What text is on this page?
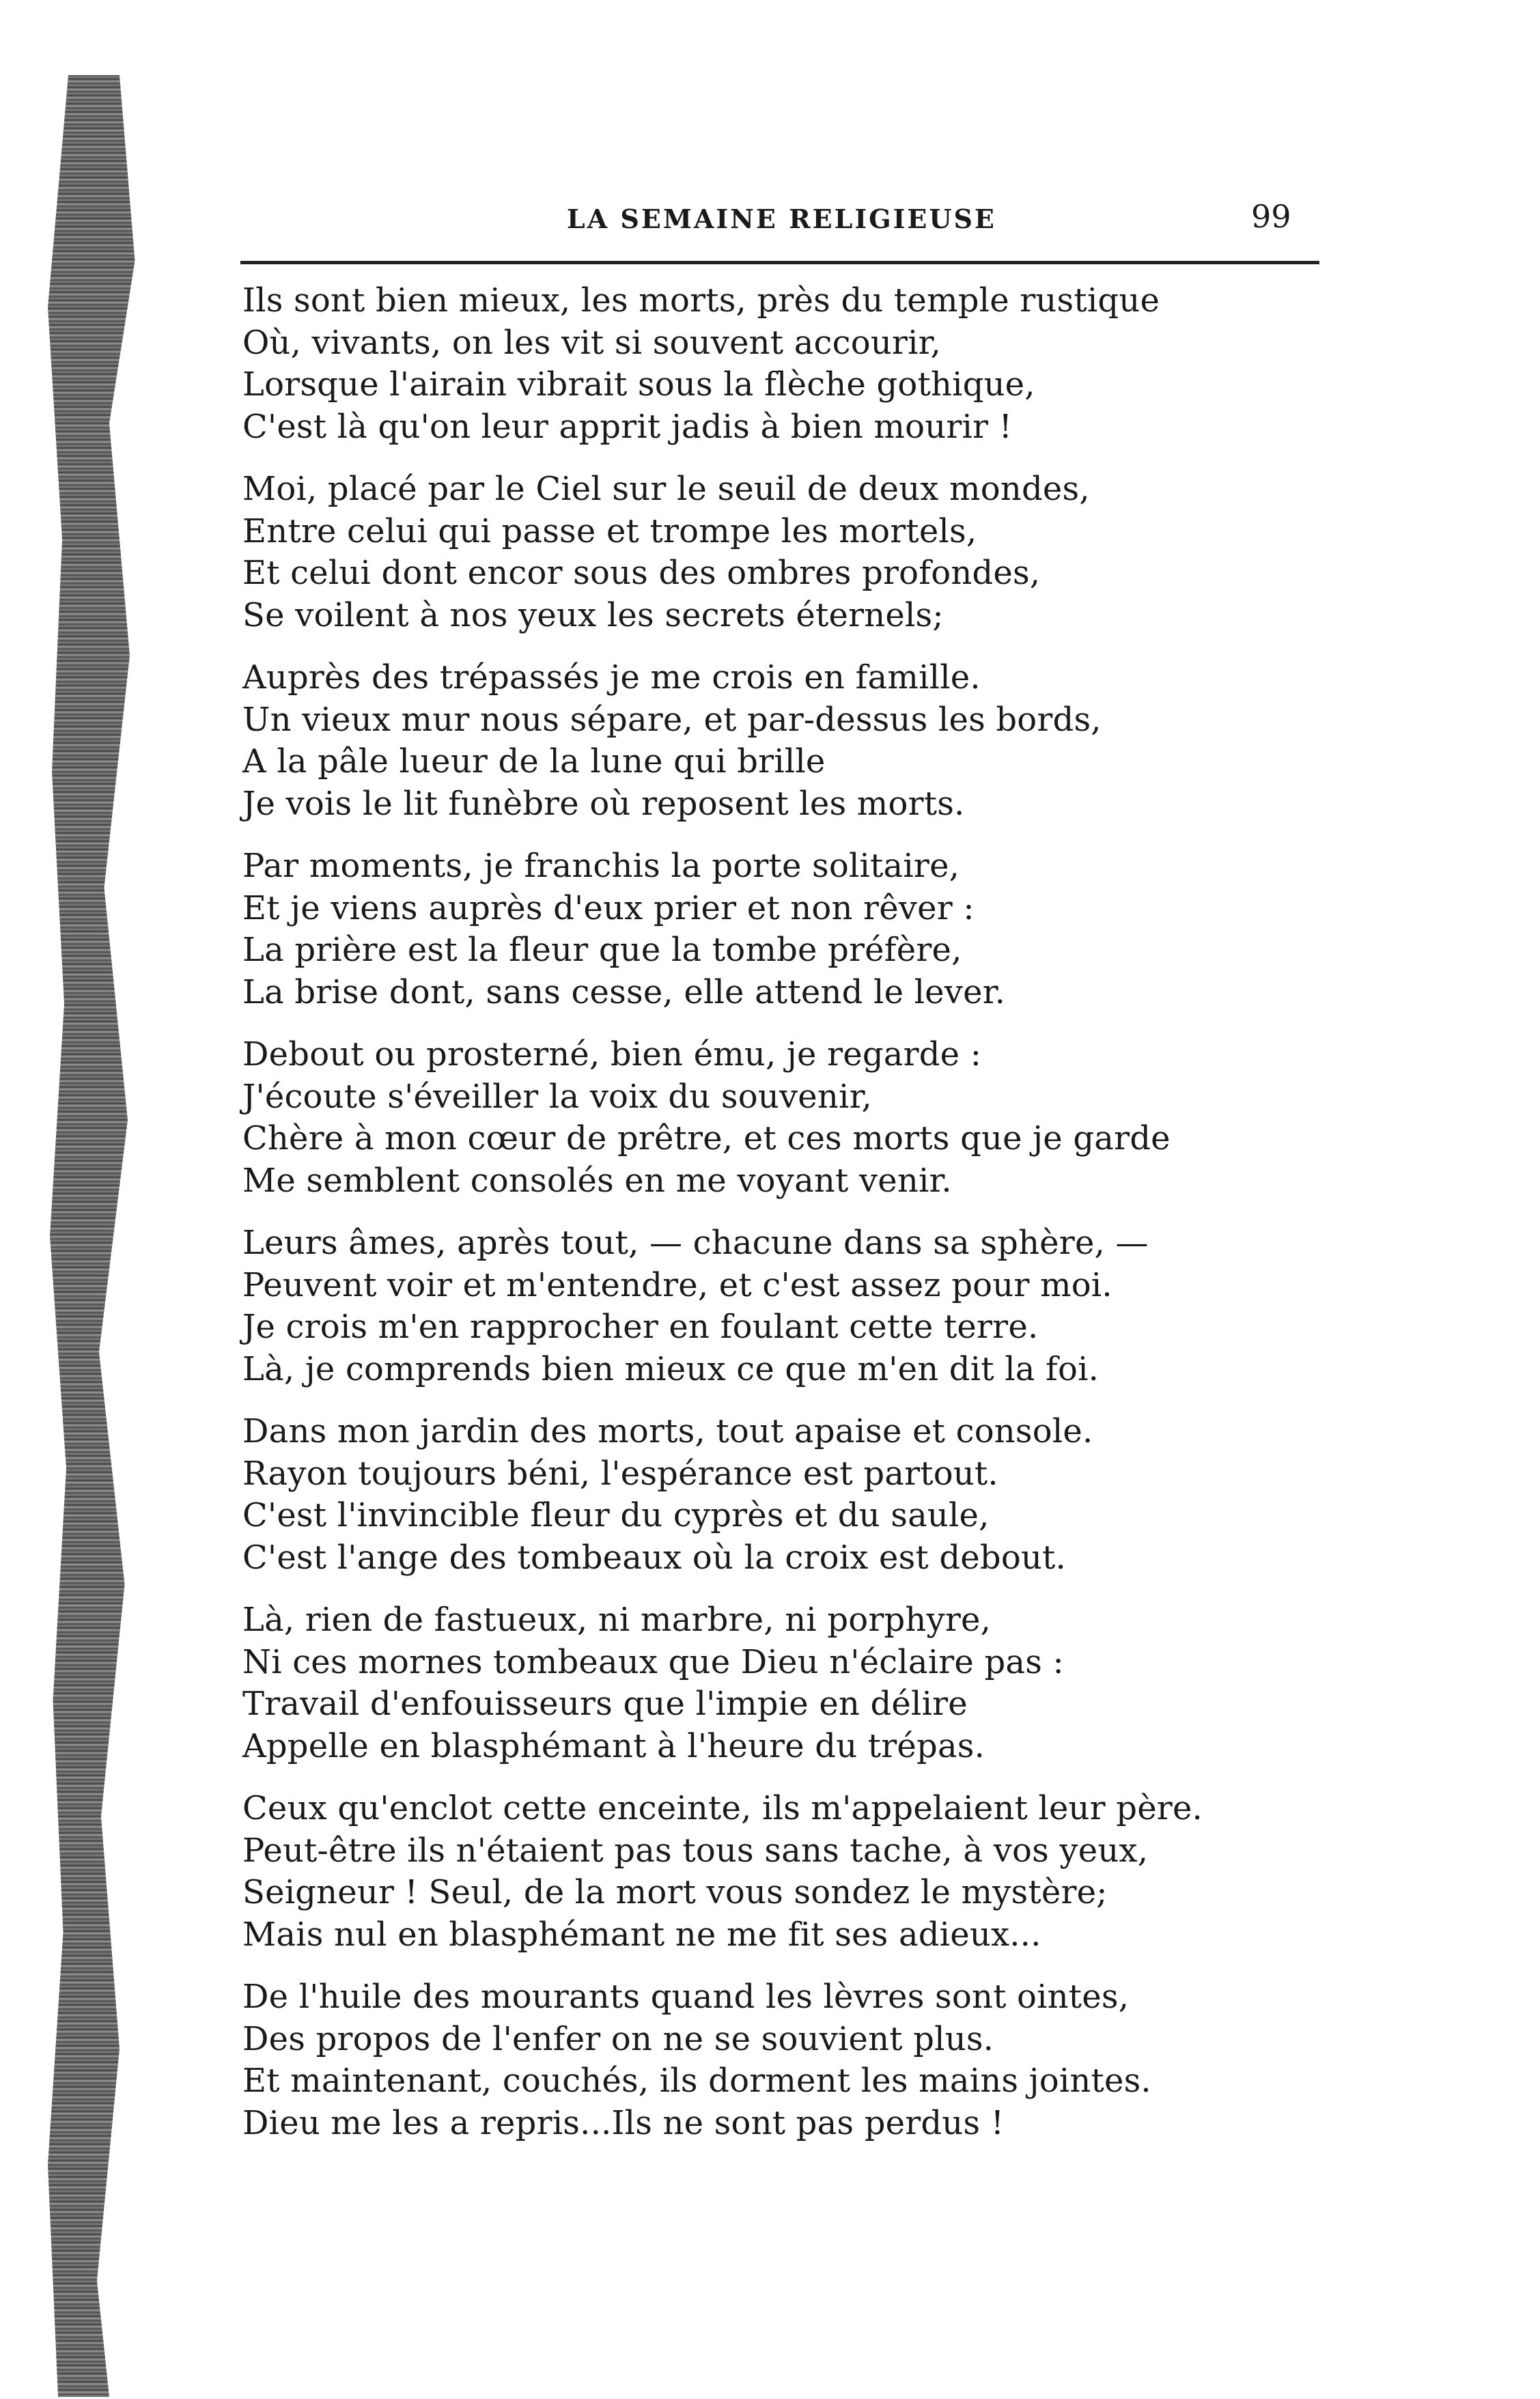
LA SEMAINE RELIGIEUSE	99
Ils sont bien mieux, les morts, près du temple rustique
Où, vivants, on les vit si souvent accourir,
Lorsque l'airain vibrait sous la flèche gothique,
C'est là qu'on leur apprit jadis à bien mourir !
Moi, placé par le Ciel sur le seuil de deux mondes,
Entre celui qui passe et trompe les mortels,
Et celui dont encor sous des ombres profondes,
Se voilent à nos yeux les secrets éternels;
Auprès des trépassés je me crois en famille.
Un vieux mur nous sépare, et par-dessus les bords,
A la pâle lueur de la lune qui brille
Je vois le lit funèbre où reposent les morts.
Par moments, je franchis la porte solitaire,
Et je viens auprès d'eux prier et non rêver :
La prière est la fleur que la tombe préfère,
La brise dont, sans cesse, elle attend le lever.
Debout ou prosterné, bien ému, je regarde :
J'écoute s'éveiller la voix du souvenir,
Chère à mon cœur de prêtre, et ces morts que je garde
Me semblent consolés en me voyant venir.
Leurs âmes, après tout, — chacune dans sa sphère, —
Peuvent voir et m'entendre, et c'est assez pour moi.
Je crois m'en rapprocher en foulant cette terre.
Là, je comprends bien mieux ce que m'en dit la foi.
Dans mon jardin des morts, tout apaise et console.
Rayon toujours béni, l'espérance est partout.
C'est l'invincible fleur du cyprès et du saule,
C'est l'ange des tombeaux où la croix est debout.
Là, rien de fastueux, ni marbre, ni porphyre,
Ni ces mornes tombeaux que Dieu n'éclaire pas :
Travail d'enfouisseurs que l'impie en délire
Appelle en blasphémant à l'heure du trépas.
Ceux qu'enclot cette enceinte, ils m'appelaient leur père.
Peut-être ils n'étaient pas tous sans tache, à vos yeux,
Seigneur ! Seul, de la mort vous sondez le mystère;
Mais nul en blasphémant ne me fit ses adieux...
De l'huile des mourants quand les lèvres sont ointes,
Des propos de l'enfer on ne se souvient plus.
Et maintenant, couchés, ils dorment les mains jointes.
Dieu me les a repris...Ils ne sont pas perdus !
